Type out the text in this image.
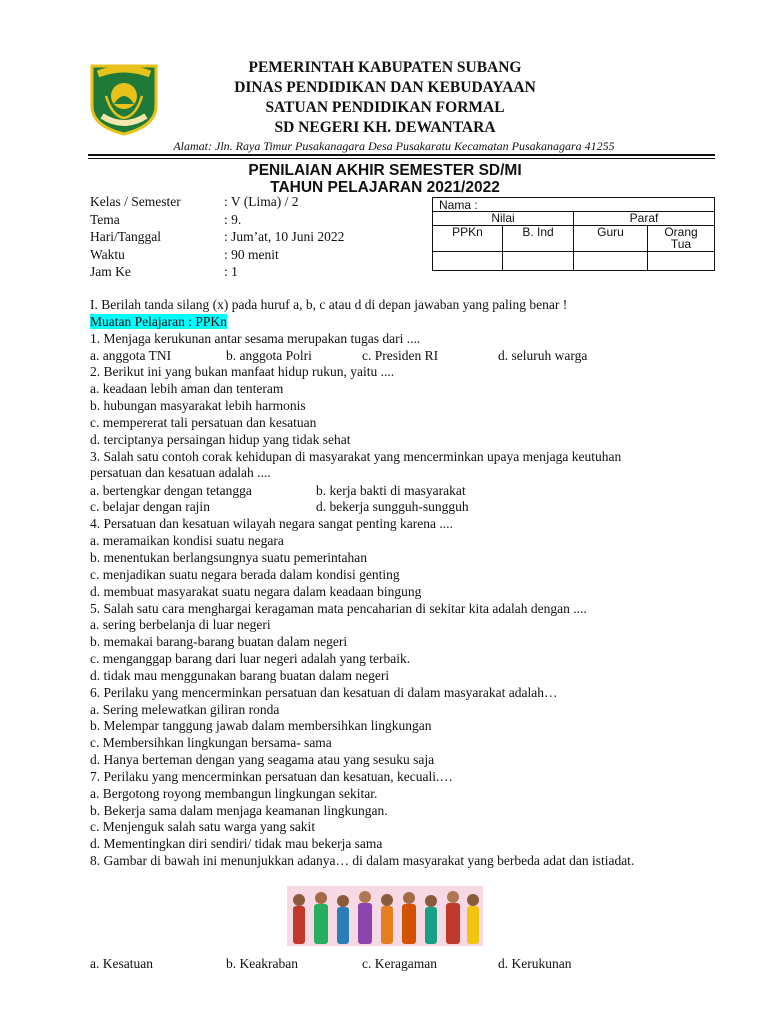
PEMERINTAH KABUPATEN SUBANG
DINAS PENDIDIKAN DAN KEBUDAYAAN
SATUAN PENDIDIKAN FORMAL
SD NEGERI KH. DEWANTARA
Alamat: Jln. Raya Timur Pusakanagara Desa Pusakaratu Kecamatan Pusakanagara 41255
PENILAIAN AKHIR SEMESTER SD/MI
TAHUN PELAJARAN 2021/2022
Kelas / Semester	: V (Lima) / 2
Tema	: 9.
Hari/Tanggal	: Jum’at, 10 Juni 2022
Waktu	: 90 menit
Jam Ke	: 1
Nama :
Nilai	Paraf
PPKn	B. Ind	Guru	Orang
Tua
I. Berilah tanda silang (x) pada huruf a, b, c atau d di depan jawaban yang paling benar !
Muatan Pelajaran : PPKn
1. Menjaga kerukunan antar sesama merupakan tugas dari ....
a. anggota TNI	b. anggota Polri	c. Presiden RI	d. seluruh warga
2. Berikut ini yang bukan manfaat hidup rukun, yaitu ....
a. keadaan lebih aman dan tenteram
b. hubungan masyarakat lebih harmonis
c. mempererat tali persatuan dan kesatuan
d. terciptanya persaingan hidup yang tidak sehat
3. Salah satu contoh corak kehidupan di masyarakat yang mencerminkan upaya menjaga keutuhan persatuan dan kesatuan adalah ....
a. bertengkar dengan tetangga	b. kerja bakti di masyarakat
c. belajar dengan rajin	d. bekerja sungguh-sungguh
4. Persatuan dan kesatuan wilayah negara sangat penting karena ....
a. meramaikan kondisi suatu negara
b. menentukan berlangsungnya suatu pemerintahan
c. menjadikan suatu negara berada dalam kondisi genting
d. membuat masyarakat suatu negara dalam keadaan bingung
5. Salah satu cara menghargai keragaman mata pencaharian di sekitar kita adalah dengan ....
a. sering berbelanja di luar negeri
b. memakai barang-barang buatan dalam negeri
c. menganggap barang dari luar negeri adalah yang terbaik.
d. tidak mau menggunakan barang buatan dalam negeri
6. Perilaku yang mencerminkan persatuan dan kesatuan di dalam masyarakat adalah…
a. Sering melewatkan giliran ronda
b. Melempar tanggung jawab dalam membersihkan lingkungan
c. Membersihkan lingkungan bersama- sama
d. Hanya berteman dengan yang seagama atau yang sesuku saja
7. Perilaku yang mencerminkan persatuan dan kesatuan, kecuali.…
a. Bergotong royong membangun lingkungan sekitar.
b. Bekerja sama dalam menjaga keamanan lingkungan.
c. Menjenguk salah satu warga yang sakit
d. Mementingkan diri sendiri/ tidak mau bekerja sama
8. Gambar di bawah ini menunjukkan adanya… di dalam masyarakat yang berbeda adat dan istiadat.
a. Kesatuan	b. Keakraban	c. Keragaman	d. Kerukunan
